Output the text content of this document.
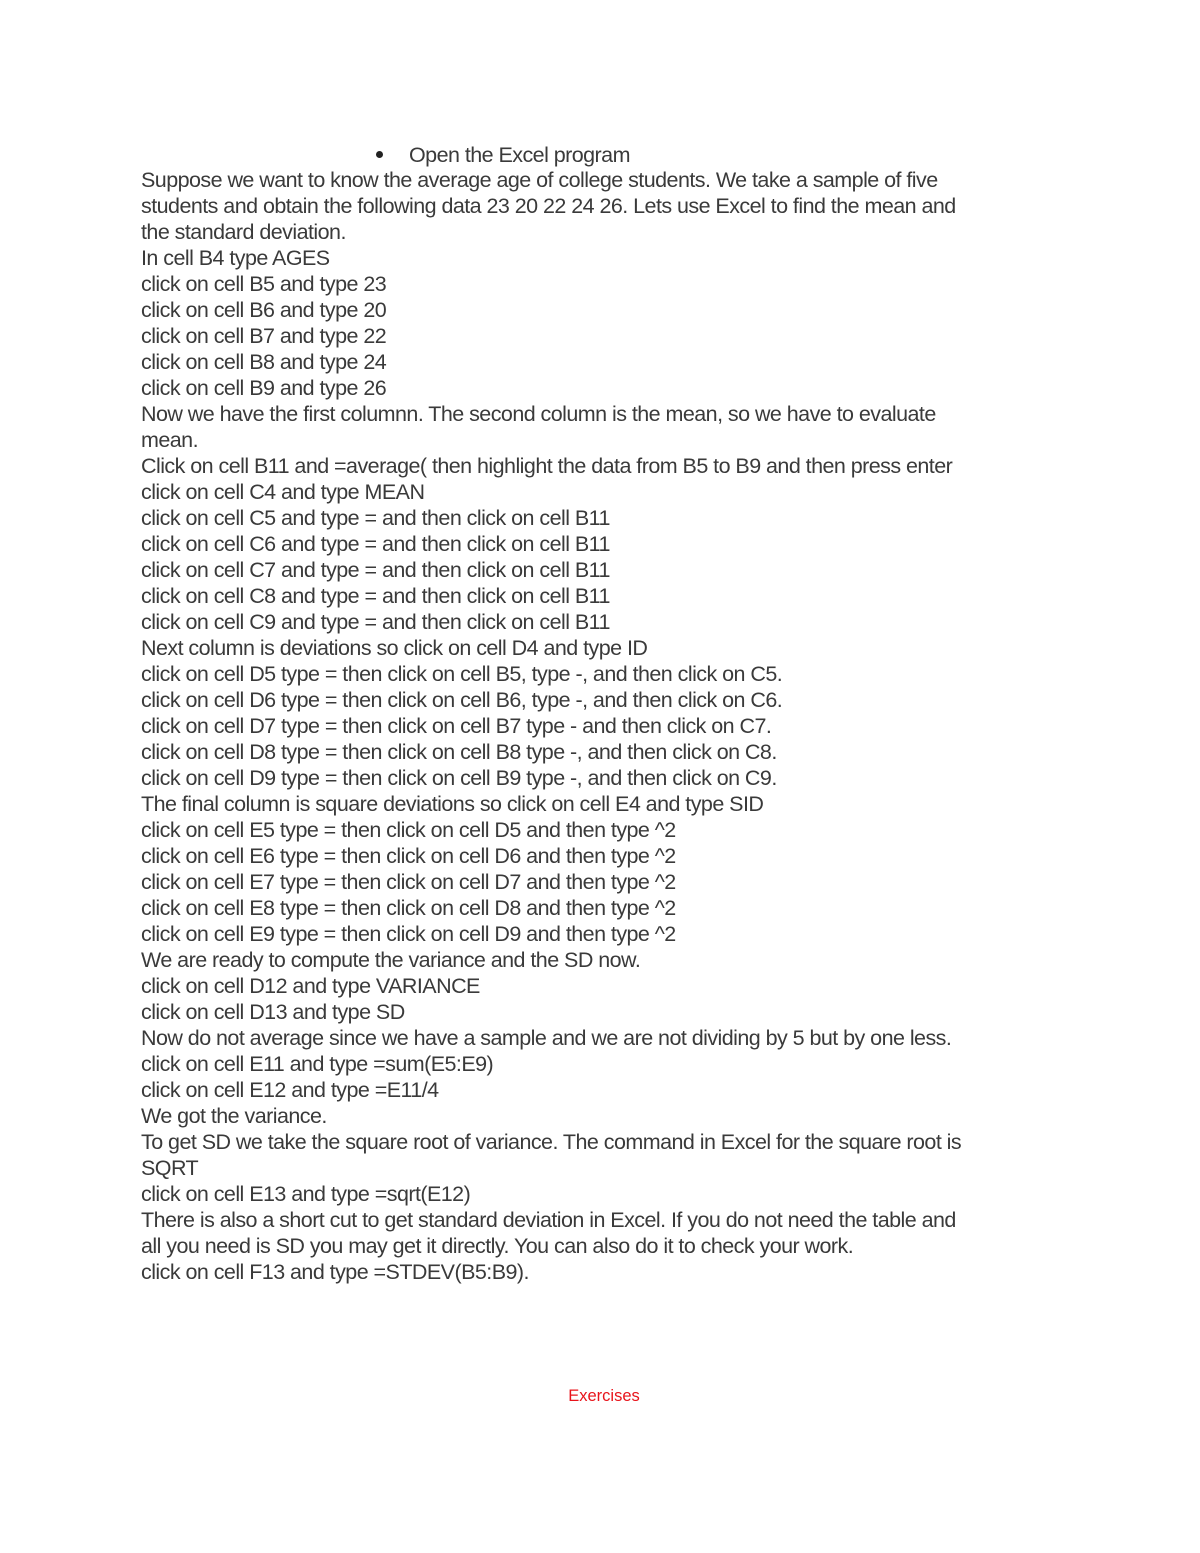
Open the Excel program
Suppose we want to know the average age of college students. We take a sample of five
students and obtain the following data 23 20 22 24 26. Lets use Excel to find the mean and
the standard deviation.
In cell B4 type AGES
click on cell B5 and type 23
click on cell B6 and type 20
click on cell B7 and type 22
click on cell B8 and type 24
click on cell B9 and type 26
Now we have the first columnn. The second column is the mean, so we have to evaluate
mean.
Click on cell B11 and =average( then highlight the data from B5 to B9 and then press enter
click on cell C4 and type MEAN
click on cell C5 and type = and then click on cell B11
click on cell C6 and type = and then click on cell B11
click on cell C7 and type = and then click on cell B11
click on cell C8 and type = and then click on cell B11
click on cell C9 and type = and then click on cell B11
Next column is deviations so click on cell D4 and type ID
click on cell D5 type = then click on cell B5, type -, and then click on C5.
click on cell D6 type = then click on cell B6, type -, and then click on C6.
click on cell D7 type = then click on cell B7 type - and then click on C7.
click on cell D8 type = then click on cell B8 type -, and then click on C8.
click on cell D9 type = then click on cell B9 type -, and then click on C9.
The final column is square deviations so click on cell E4 and type SID
click on cell E5 type = then click on cell D5 and then type ^2
click on cell E6 type = then click on cell D6 and then type ^2
click on cell E7 type = then click on cell D7 and then type ^2
click on cell E8 type = then click on cell D8 and then type ^2
click on cell E9 type = then click on cell D9 and then type ^2
We are ready to compute the variance and the SD now.
click on cell D12 and type VARIANCE
click on cell D13 and type SD
Now do not average since we have a sample and we are not dividing by 5 but by one less.
click on cell E11 and type =sum(E5:E9)
click on cell E12 and type =E11/4
We got the variance.
To get SD we take the square root of variance. The command in Excel for the square root is
SQRT
click on cell E13 and type =sqrt(E12)
There is also a short cut to get standard deviation in Excel. If you do not need the table and
all you need is SD you may get it directly. You can also do it to check your work.
click on cell F13 and type =STDEV(B5:B9).
Exercises
